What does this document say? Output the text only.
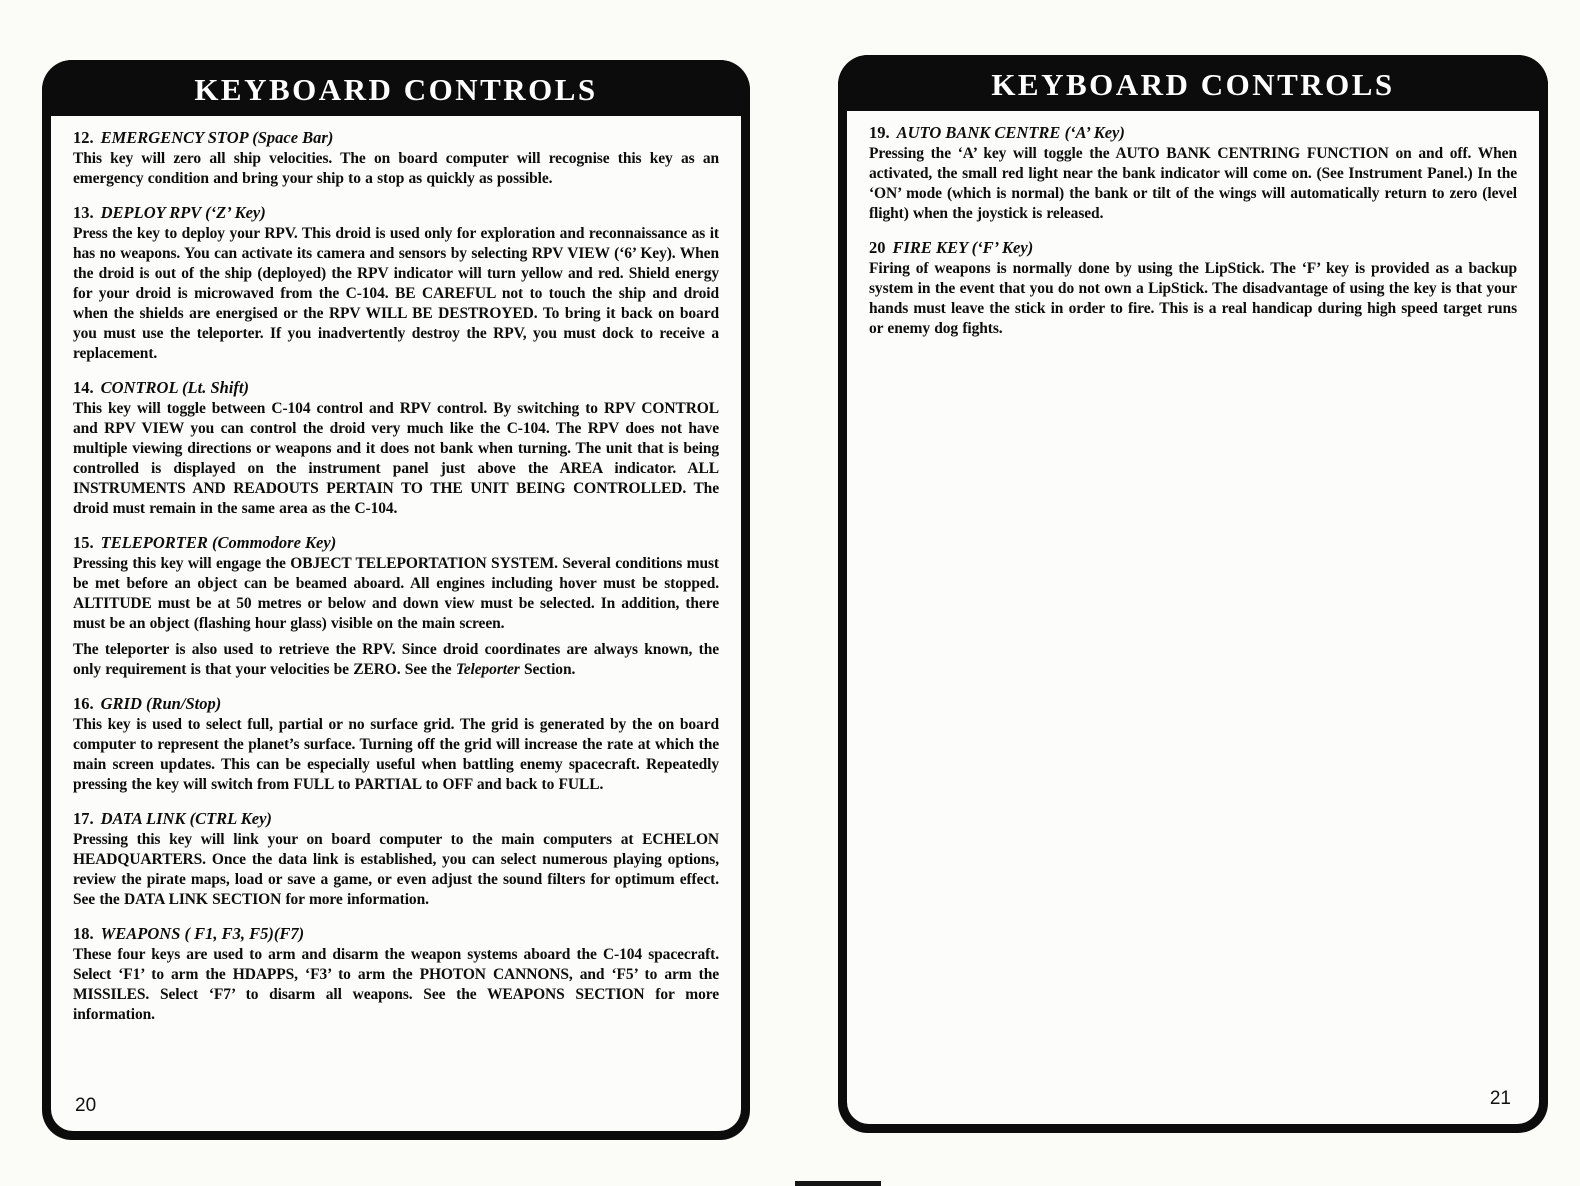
KEYBOARD CONTROLS
12. EMERGENCY STOP (Space Bar)

This key will zero all ship velocities. The on board computer will recognise this key as an emergency condition and bring your ship to a stop as quickly as possible.

13. DEPLOY RPV (‘Z’ Key)

Press the key to deploy your RPV. This droid is used only for exploration and reconnaissance as it has no weapons. You can activate its camera and sensors by selecting RPV VIEW (‘6’ Key). When the droid is out of the ship (deployed) the RPV indicator will turn yellow and red. Shield energy for your droid is microwaved from the C-104. BE CAREFUL not to touch the ship and droid when the shields are energised or the RPV WILL BE DESTROYED. To bring it back on board you must use the teleporter. If you inadvertently destroy the RPV, you must dock to receive a replacement.

14. CONTROL (Lt. Shift)

This key will toggle between C-104 control and RPV control. By switching to RPV CONTROL and RPV VIEW you can control the droid very much like the C-104. The RPV does not have multiple viewing directions or weapons and it does not bank when turning. The unit that is being controlled is displayed on the instrument panel just above the AREA indicator. ALL INSTRUMENTS AND READOUTS PERTAIN TO THE UNIT BEING CONTROLLED. The droid must remain in the same area as the C-104.

15. TELEPORTER (Commodore Key)

Pressing this key will engage the OBJECT TELEPORTATION SYSTEM. Several conditions must be met before an object can be beamed aboard. All engines including hover must be stopped. ALTITUDE must be at 50 metres or below and down view must be selected. In addition, there must be an object (flashing hour glass) visible on the main screen.

The teleporter is also used to retrieve the RPV. Since droid coordinates are always known, the only requirement is that your velocities be ZERO. See the Teleporter Section.

16. GRID (Run/Stop)

This key is used to select full, partial or no surface grid. The grid is generated by the on board computer to represent the planet’s surface. Turning off the grid will increase the rate at which the main screen updates. This can be especially useful when battling enemy spacecraft. Repeatedly pressing the key will switch from FULL to PARTIAL to OFF and back to FULL.

17. DATA LINK (CTRL Key)

Pressing this key will link your on board computer to the main computers at ECHELON HEADQUARTERS. Once the data link is established, you can select numerous playing options, review the pirate maps, load or save a game, or even adjust the sound filters for optimum effect. See the DATA LINK SECTION for more information.

18. WEAPONS ( F1, F3, F5)(F7)

These four keys are used to arm and disarm the weapon systems aboard the C-104 spacecraft. Select ‘F1’ to arm the HDAPPS, ‘F3’ to arm the PHOTON CANNONS, and ‘F5’ to arm the MISSILES. Select ‘F7’ to disarm all weapons. See the WEAPONS SECTION for more information.

20
KEYBOARD CONTROLS
19. AUTO BANK CENTRE (‘A’ Key)

Pressing the ‘A’ key will toggle the AUTO BANK CENTRING FUNCTION on and off. When activated, the small red light near the bank indicator will come on. (See Instrument Panel.) In the ‘ON’ mode (which is normal) the bank or tilt of the wings will automatically return to zero (level flight) when the joystick is released.

20 FIRE KEY (‘F’ Key)

Firing of weapons is normally done by using the LipStick. The ‘F’ key is provided as a backup system in the event that you do not own a LipStick. The disadvantage of using the key is that your hands must leave the stick in order to fire. This is a real handicap during high speed target runs or enemy dog fights.

21
